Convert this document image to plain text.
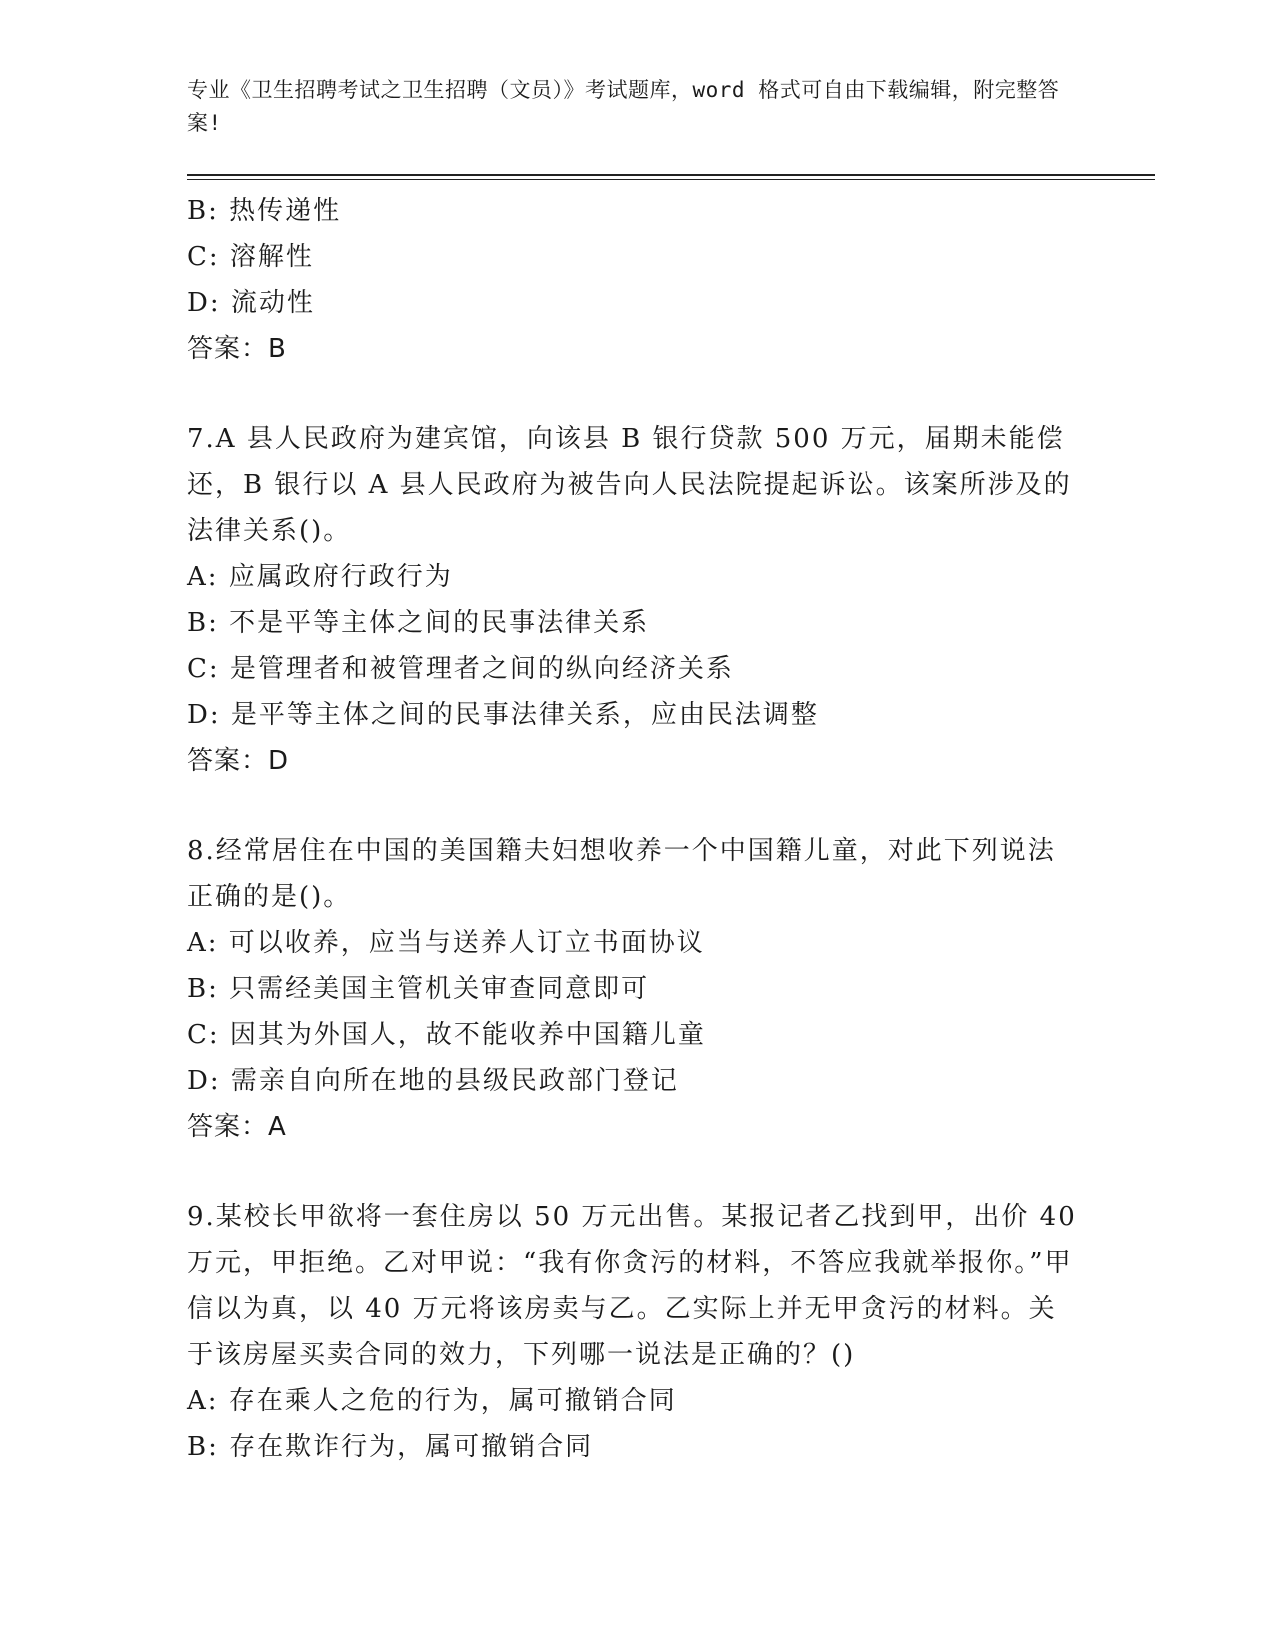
专业《卫生招聘考试之卫生招聘（文员）》考试题库，word 格式可自由下载编辑，附完整答案!
B: 热传递性
C: 溶解性
D: 流动性
答案：B
7.A 县人民政府为建宾馆，向该县 B 银行贷款 500 万元，届期未能偿还，B 银行以 A 县人民政府为被告向人民法院提起诉讼。该案所涉及的法律关系()。
A: 应属政府行政行为
B: 不是平等主体之间的民事法律关系
C: 是管理者和被管理者之间的纵向经济关系
D: 是平等主体之间的民事法律关系，应由民法调整
答案：D
8.经常居住在中国的美国籍夫妇想收养一个中国籍儿童，对此下列说法正确的是()。
A: 可以收养，应当与送养人订立书面协议
B: 只需经美国主管机关审查同意即可
C: 因其为外国人，故不能收养中国籍儿童
D: 需亲自向所在地的县级民政部门登记
答案：A
9.某校长甲欲将一套住房以 50 万元出售。某报记者乙找到甲，出价 40 万元，甲拒绝。乙对甲说：“我有你贪污的材料，不答应我就举报你。”甲信以为真，以 40 万元将该房卖与乙。乙实际上并无甲贪污的材料。关于该房屋买卖合同的效力，下列哪一说法是正确的？()
A: 存在乘人之危的行为，属可撤销合同
B: 存在欺诈行为，属可撤销合同
